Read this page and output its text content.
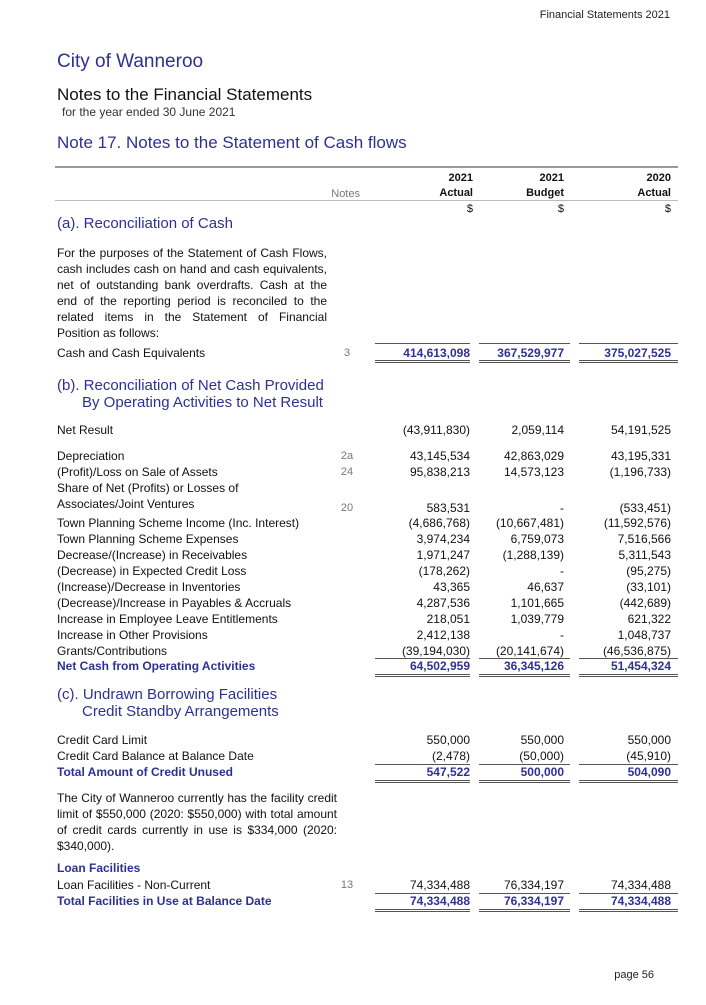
Financial Statements 2021
City of Wanneroo
Notes to the Financial Statements
for the year ended 30 June 2021
Note 17. Notes to the Statement of Cash flows
2021	2021	2020
Notes	Actual	Budget	Actual
$	$	$
(a). Reconciliation of Cash
For the purposes of the Statement of Cash Flows, cash includes cash on hand and cash equivalents, net of outstanding bank overdrafts. Cash at the end of the reporting period is reconciled to the related items in the Statement of Financial Position as follows:
Cash and Cash Equivalents	3	414,613,098	367,529,977	375,027,525
(b). Reconciliation of Net Cash Provided
By Operating Activities to Net Result
Net Result	(43,911,830)	2,059,114	54,191,525
Depreciation	2a	43,145,534	42,863,029	43,195,331
(Profit)/Loss on Sale of Assets	24	95,838,213	14,573,123	(1,196,733)
Share of Net (Profits) or Losses of
Associates/Joint Ventures	20	583,531	-	(533,451)
Town Planning Scheme Income (Inc. Interest)	(4,686,768)	(10,667,481)	(11,592,576)
Town Planning Scheme Expenses	3,974,234	6,759,073	7,516,566
Decrease/(Increase) in Receivables	1,971,247	(1,288,139)	5,311,543
(Decrease) in Expected Credit Loss	(178,262)	-	(95,275)
(Increase)/Decrease in Inventories	43,365	46,637	(33,101)
(Decrease)/Increase in Payables & Accruals	4,287,536	1,101,665	(442,689)
Increase in Employee Leave Entitlements	218,051	1,039,779	621,322
Increase in Other Provisions	2,412,138	-	1,048,737
Grants/Contributions	(39,194,030)	(20,141,674)	(46,536,875)
Net Cash from Operating Activities	64,502,959	36,345,126	51,454,324
(c). Undrawn Borrowing Facilities
Credit Standby Arrangements
Credit Card Limit	550,000	550,000	550,000
Credit Card Balance at Balance Date	(2,478)	(50,000)	(45,910)
Total Amount of Credit Unused	547,522	500,000	504,090
The City of Wanneroo currently has the facility credit limit of $550,000 (2020: $550,000) with total amount of credit cards currently in use is $334,000 (2020: $340,000).
Loan Facilities
Loan Facilities - Non-Current	13	74,334,488	76,334,197	74,334,488
Total Facilities in Use at Balance Date	74,334,488	76,334,197	74,334,488
page 56
